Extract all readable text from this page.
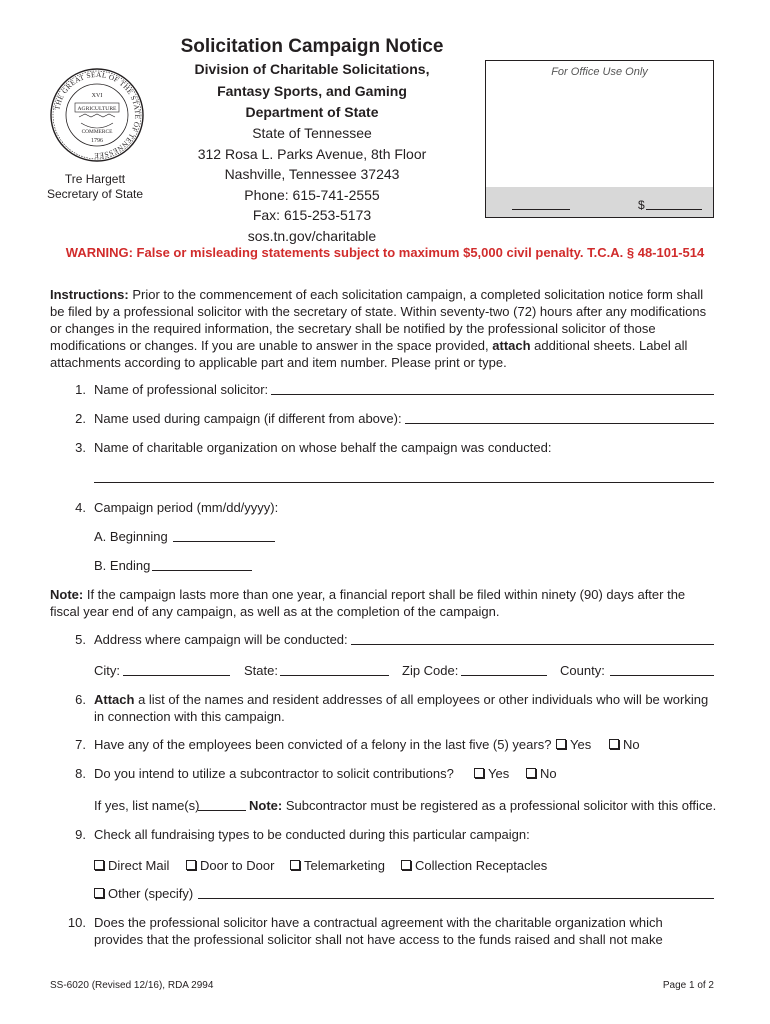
THE GREAT SEAL OF THE STATE OF TENNESSEE
XVI
AGRICULTURE
COMMERCE
1796
Tre Hargett
Secretary of State
Solicitation Campaign Notice
Division of Charitable Solicitations,
Fantasy Sports, and Gaming
Department of State
State of Tennessee
312 Rosa L. Parks Avenue, 8th Floor
Nashville, Tennessee 37243
Phone: 615-741-2555
Fax: 615-253-5173
sos.tn.gov/charitable
For Office Use Only
$
WARNING: False or misleading statements subject to maximum $5,000 civil penalty. T.C.A. § 48-101-514
Instructions: Prior to the commencement of each solicitation campaign, a completed solicitation notice form shall be filed by a professional solicitor with the secretary of state. Within seventy-two (72) hours after any modifications or changes in the required information, the secretary shall be notified by the professional solicitor of those modifications or changes. If you are unable to answer in the space provided, attach additional sheets. Label all attachments according to applicable part and item number. Please print or type.
1. Name of professional solicitor:
2. Name used during campaign (if different from above):
3. Name of charitable organization on whose behalf the campaign was conducted:
4. Campaign period (mm/dd/yyyy):
A. Beginning
B. Ending
Note: If the campaign lasts more than one year, a financial report shall be filed within ninety (90) days after the fiscal year end of any campaign, as well as at the completion of the campaign.
5. Address where campaign will be conducted:
City:	State:	Zip Code:	County:
6. Attach a list of the names and resident addresses of all employees or other individuals who will be working in connection with this campaign.
7. Have any of the employees been convicted of a felony in the last five (5) years?	Yes	No
8. Do you intend to utilize a subcontractor to solicit contributions?	Yes	No
If yes, list name(s)	Note: Subcontractor must be registered as a professional solicitor with this office.
9. Check all fundraising types to be conducted during this particular campaign:
Direct Mail	Door to Door	Telemarketing	Collection Receptacles
Other (specify)
10. Does the professional solicitor have a contractual agreement with the charitable organization which provides that the professional solicitor shall not have access to the funds raised and shall not make
SS-6020 (Revised 12/16), RDA 2994	Page 1 of 2
